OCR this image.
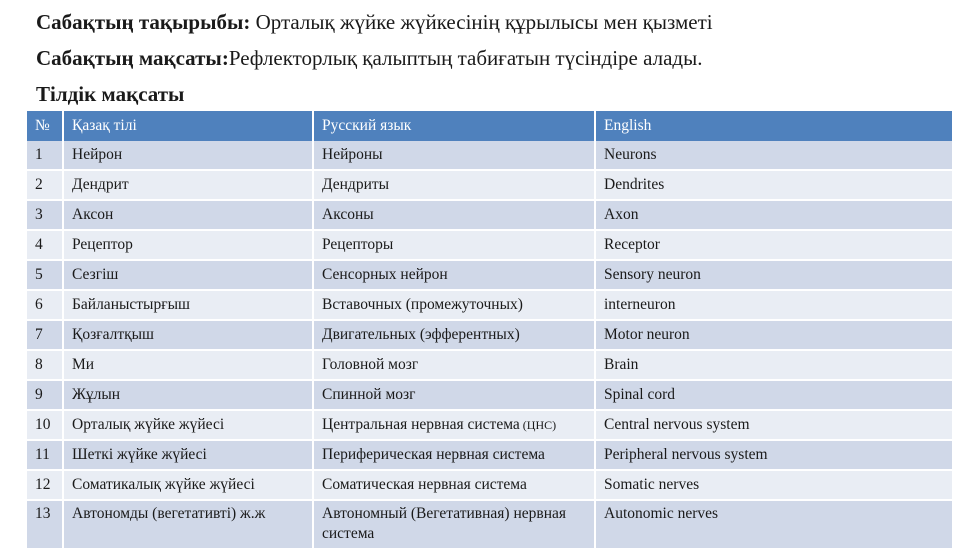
Сабақтың тақырыбы: Орталық жүйке жүйкесінің құрылысы мен қызметі
Сабақтың мақсаты:Рефлекторлық қалыптың табиғатын түсіндіре алады.
Тілдік мақсаты
№	Қазақ тілі	Русский язык	English
1	Нейрон	Нейроны	Neurons
2	Дендрит	Дендриты	Dendrites
3	Аксон	Аксоны	Axon
4	Рецептор	Рецепторы	Receptor
5	Сезгіш	Сенсорных нейрон	Sensory neuron
6	Байланыстырғыш	Вставочных (промежуточных)	interneuron
7	Қозғалтқыш	Двигательных (эфферентных)	Motor neuron
8	Ми	Головной мозг	Brain
9	Жұлын	Спинной мозг	Spinal cord
10	Орталық жүйке жүйесі	Центральная нервная система (ЦНС)	Central nervous system
11	Шеткі жүйке жүйесі	Периферическая нервная система	Peripheral nervous system
12	Соматикалық жүйке жүйесі	Соматическая нервная система	Somatic nerves
13	Автономды (вегетативті) ж.ж	Автономный (Вегетативная) нервная система	Autonomic nerves
